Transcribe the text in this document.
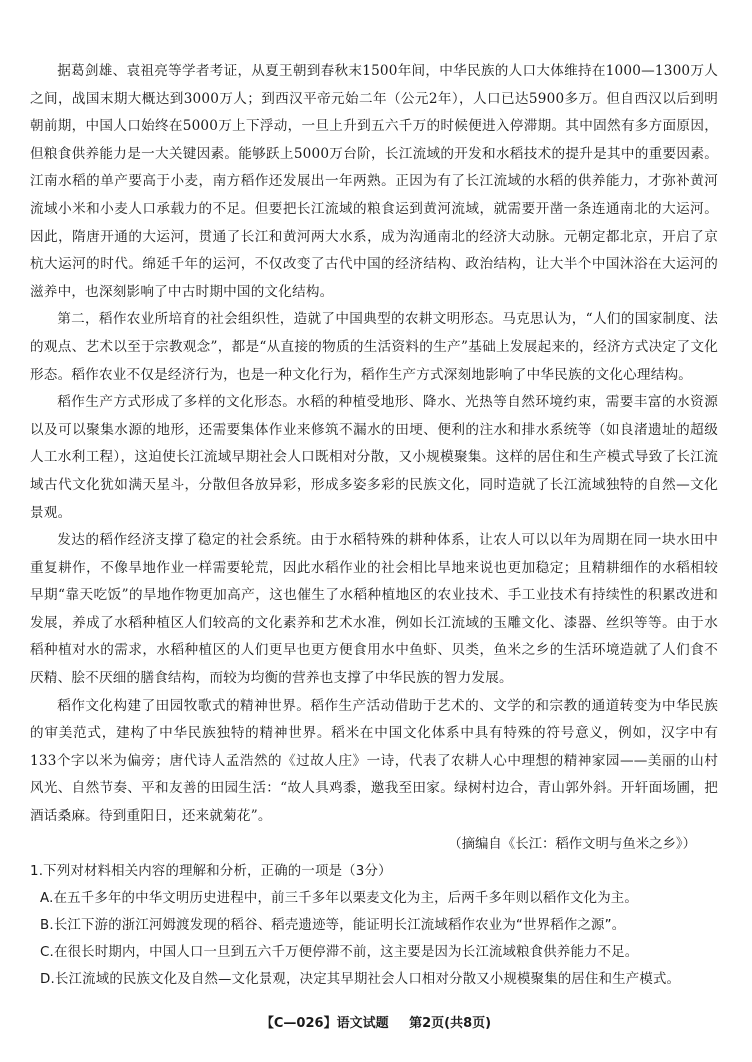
据葛剑雄、袁祖亮等学者考证，从夏王朝到春秋末1500年间，中华民族的人口大体维持在1000—1300万人之间，战国末期大概达到3000万人；到西汉平帝元始二年（公元2年），人口已达5900多万。但自西汉以后到明朝前期，中国人口始终在5000万上下浮动，一旦上升到五六千万的时候便进入停滞期。其中固然有多方面原因，但粮食供养能力是一大关键因素。能够跃上5000万台阶，长江流域的开发和水稻技术的提升是其中的重要因素。江南水稻的单产要高于小麦，南方稻作还发展出一年两熟。正因为有了长江流域的水稻的供养能力，才弥补黄河流域小米和小麦人口承载力的不足。但要把长江流域的粮食运到黄河流域，就需要开凿一条连通南北的大运河。因此，隋唐开通的大运河，贯通了长江和黄河两大水系，成为沟通南北的经济大动脉。元朝定都北京，开启了京杭大运河的时代。绵延千年的运河，不仅改变了古代中国的经济结构、政治结构，让大半个中国沐浴在大运河的滋养中，也深刻影响了中古时期中国的文化结构。

第二，稻作农业所培育的社会组织性，造就了中国典型的农耕文明形态。马克思认为，“人们的国家制度、法的观点、艺术以至于宗教观念”，都是“从直接的物质的生活资料的生产”基础上发展起来的，经济方式决定了文化形态。稻作农业不仅是经济行为，也是一种文化行为，稻作生产方式深刻地影响了中华民族的文化心理结构。

稻作生产方式形成了多样的文化形态。水稻的种植受地形、降水、光热等自然环境约束，需要丰富的水资源以及可以聚集水源的地形，还需要集体作业来修筑不漏水的田埂、便利的注水和排水系统等（如良渚遗址的超级人工水利工程），这迫使长江流域早期社会人口既相对分散，又小规模聚集。这样的居住和生产模式导致了长江流域古代文化犹如满天星斗，分散但各放异彩，形成多姿多彩的民族文化，同时造就了长江流域独特的自然—文化景观。

发达的稻作经济支撑了稳定的社会系统。由于水稻特殊的耕种体系，让农人可以以年为周期在同一块水田中重复耕作，不像旱地作业一样需要轮荒，因此水稻作业的社会相比旱地来说也更加稳定；且精耕细作的水稻相较早期“靠天吃饭”的旱地作物更加高产，这也催生了水稻种植地区的农业技术、手工业技术有持续性的积累改进和发展，养成了水稻种植区人们较高的文化素养和艺术水准，例如长江流域的玉雕文化、漆器、丝织等等。由于水稻种植对水的需求，水稻种植区的人们更早也更方便食用水中鱼虾、贝类，鱼米之乡的生活环境造就了人们食不厌精、脍不厌细的膳食结构，而较为均衡的营养也支撑了中华民族的智力发展。

稻作文化构建了田园牧歌式的精神世界。稻作生产活动借助于艺术的、文学的和宗教的通道转变为中华民族的审美范式，建构了中华民族独特的精神世界。稻米在中国文化体系中具有特殊的符号意义，例如，汉字中有133个字以米为偏旁；唐代诗人孟浩然的《过故人庄》一诗，代表了农耕人心中理想的精神家园——美丽的山村风光、自然节奏、平和友善的田园生活：“故人具鸡黍，邀我至田家。绿树村边合，青山郭外斜。开轩面场圃，把酒话桑麻。待到重阳日，还来就菊花”。

（摘编自《长江：稻作文明与鱼米之乡》）

1.下列对材料相关内容的理解和分析，正确的一项是（3分）

A.在五千多年的中华文明历史进程中，前三千多年以栗麦文化为主，后两千多年则以稻作文化为主。

B.长江下游的浙江河姆渡发现的稻谷、稻壳遗迹等，能证明长江流域稻作农业为“世界稻作之源”。

C.在很长时期内，中国人口一旦到五六千万便停滞不前，这主要是因为长江流域粮食供养能力不足。

D.长江流域的民族文化及自然—文化景观，决定其早期社会人口相对分散又小规模聚集的居住和生产模式。

【C—026】语文试题 第2页(共8页)
